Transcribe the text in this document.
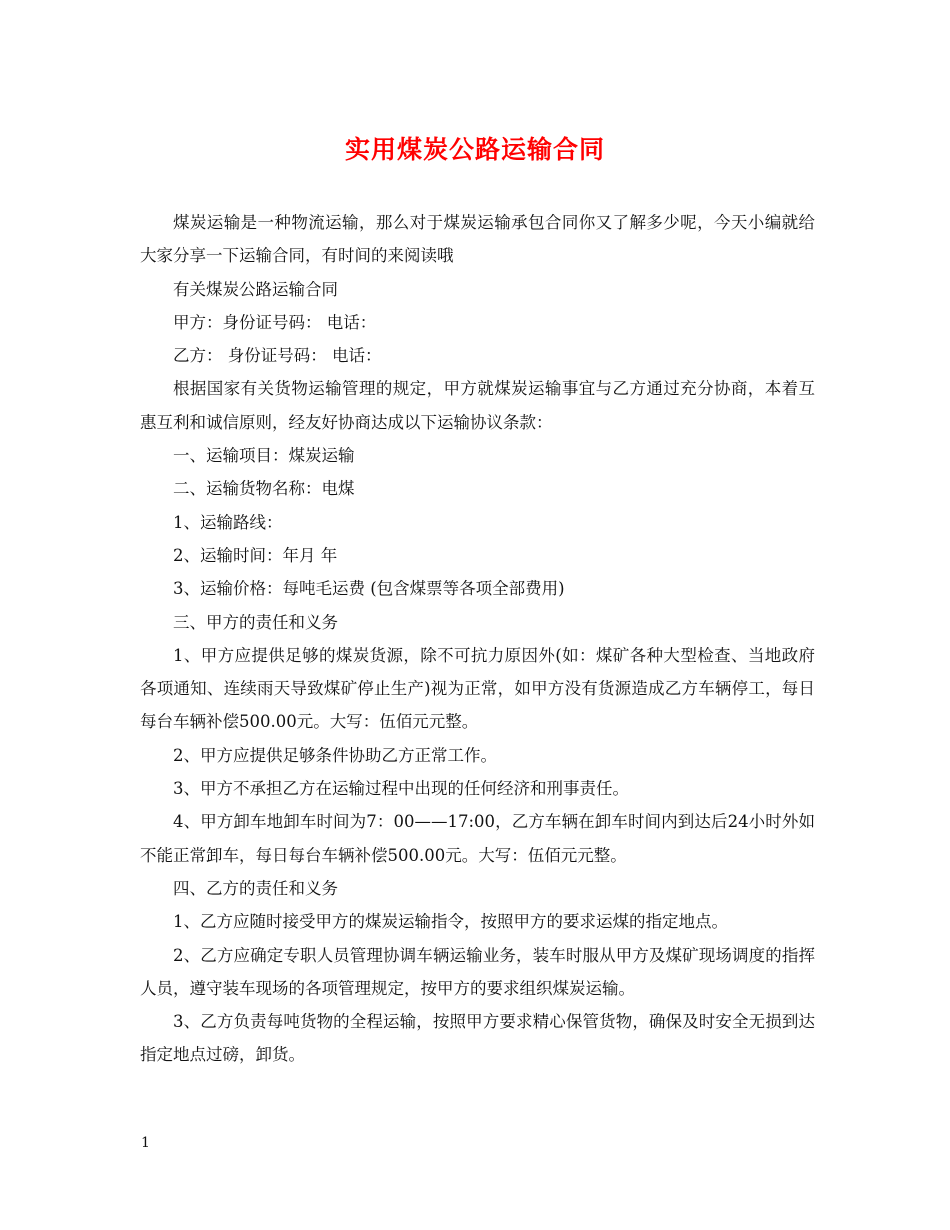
实用煤炭公路运输合同

煤炭运输是一种物流运输，那么对于煤炭运输承包合同你又了解多少呢，今天小编就给大家分享一下运输合同，有时间的来阅读哦

有关煤炭公路运输合同

甲方：身份证号码： 电话：

乙方： 身份证号码： 电话：

根据国家有关货物运输管理的规定，甲方就煤炭运输事宜与乙方通过充分协商，本着互惠互利和诚信原则，经友好协商达成以下运输协议条款：

一、运输项目：煤炭运输

二、运输货物名称：电煤

1、运输路线：

2、运输时间：年月 年

3、运输价格：每吨毛运费 (包含煤票等各项全部费用)

三、甲方的责任和义务

1、甲方应提供足够的煤炭货源，除不可抗力原因外(如：煤矿各种大型检查、当地政府各项通知、连续雨天导致煤矿停止生产)视为正常，如甲方没有货源造成乙方车辆停工，每日每台车辆补偿500.00元。大写：伍佰元元整。

2、甲方应提供足够条件协助乙方正常工作。

3、甲方不承担乙方在运输过程中出现的任何经济和刑事责任。

4、甲方卸车地卸车时间为7：00——17:00，乙方车辆在卸车时间内到达后24小时外如不能正常卸车，每日每台车辆补偿500.00元。大写：伍佰元元整。

四、乙方的责任和义务

1、乙方应随时接受甲方的煤炭运输指令，按照甲方的要求运煤的指定地点。

2、乙方应确定专职人员管理协调车辆运输业务，装车时服从甲方及煤矿现场调度的指挥人员，遵守装车现场的各项管理规定，按甲方的要求组织煤炭运输。

3、乙方负责每吨货物的全程运输，按照甲方要求精心保管货物，确保及时安全无损到达指定地点过磅，卸货。

1
